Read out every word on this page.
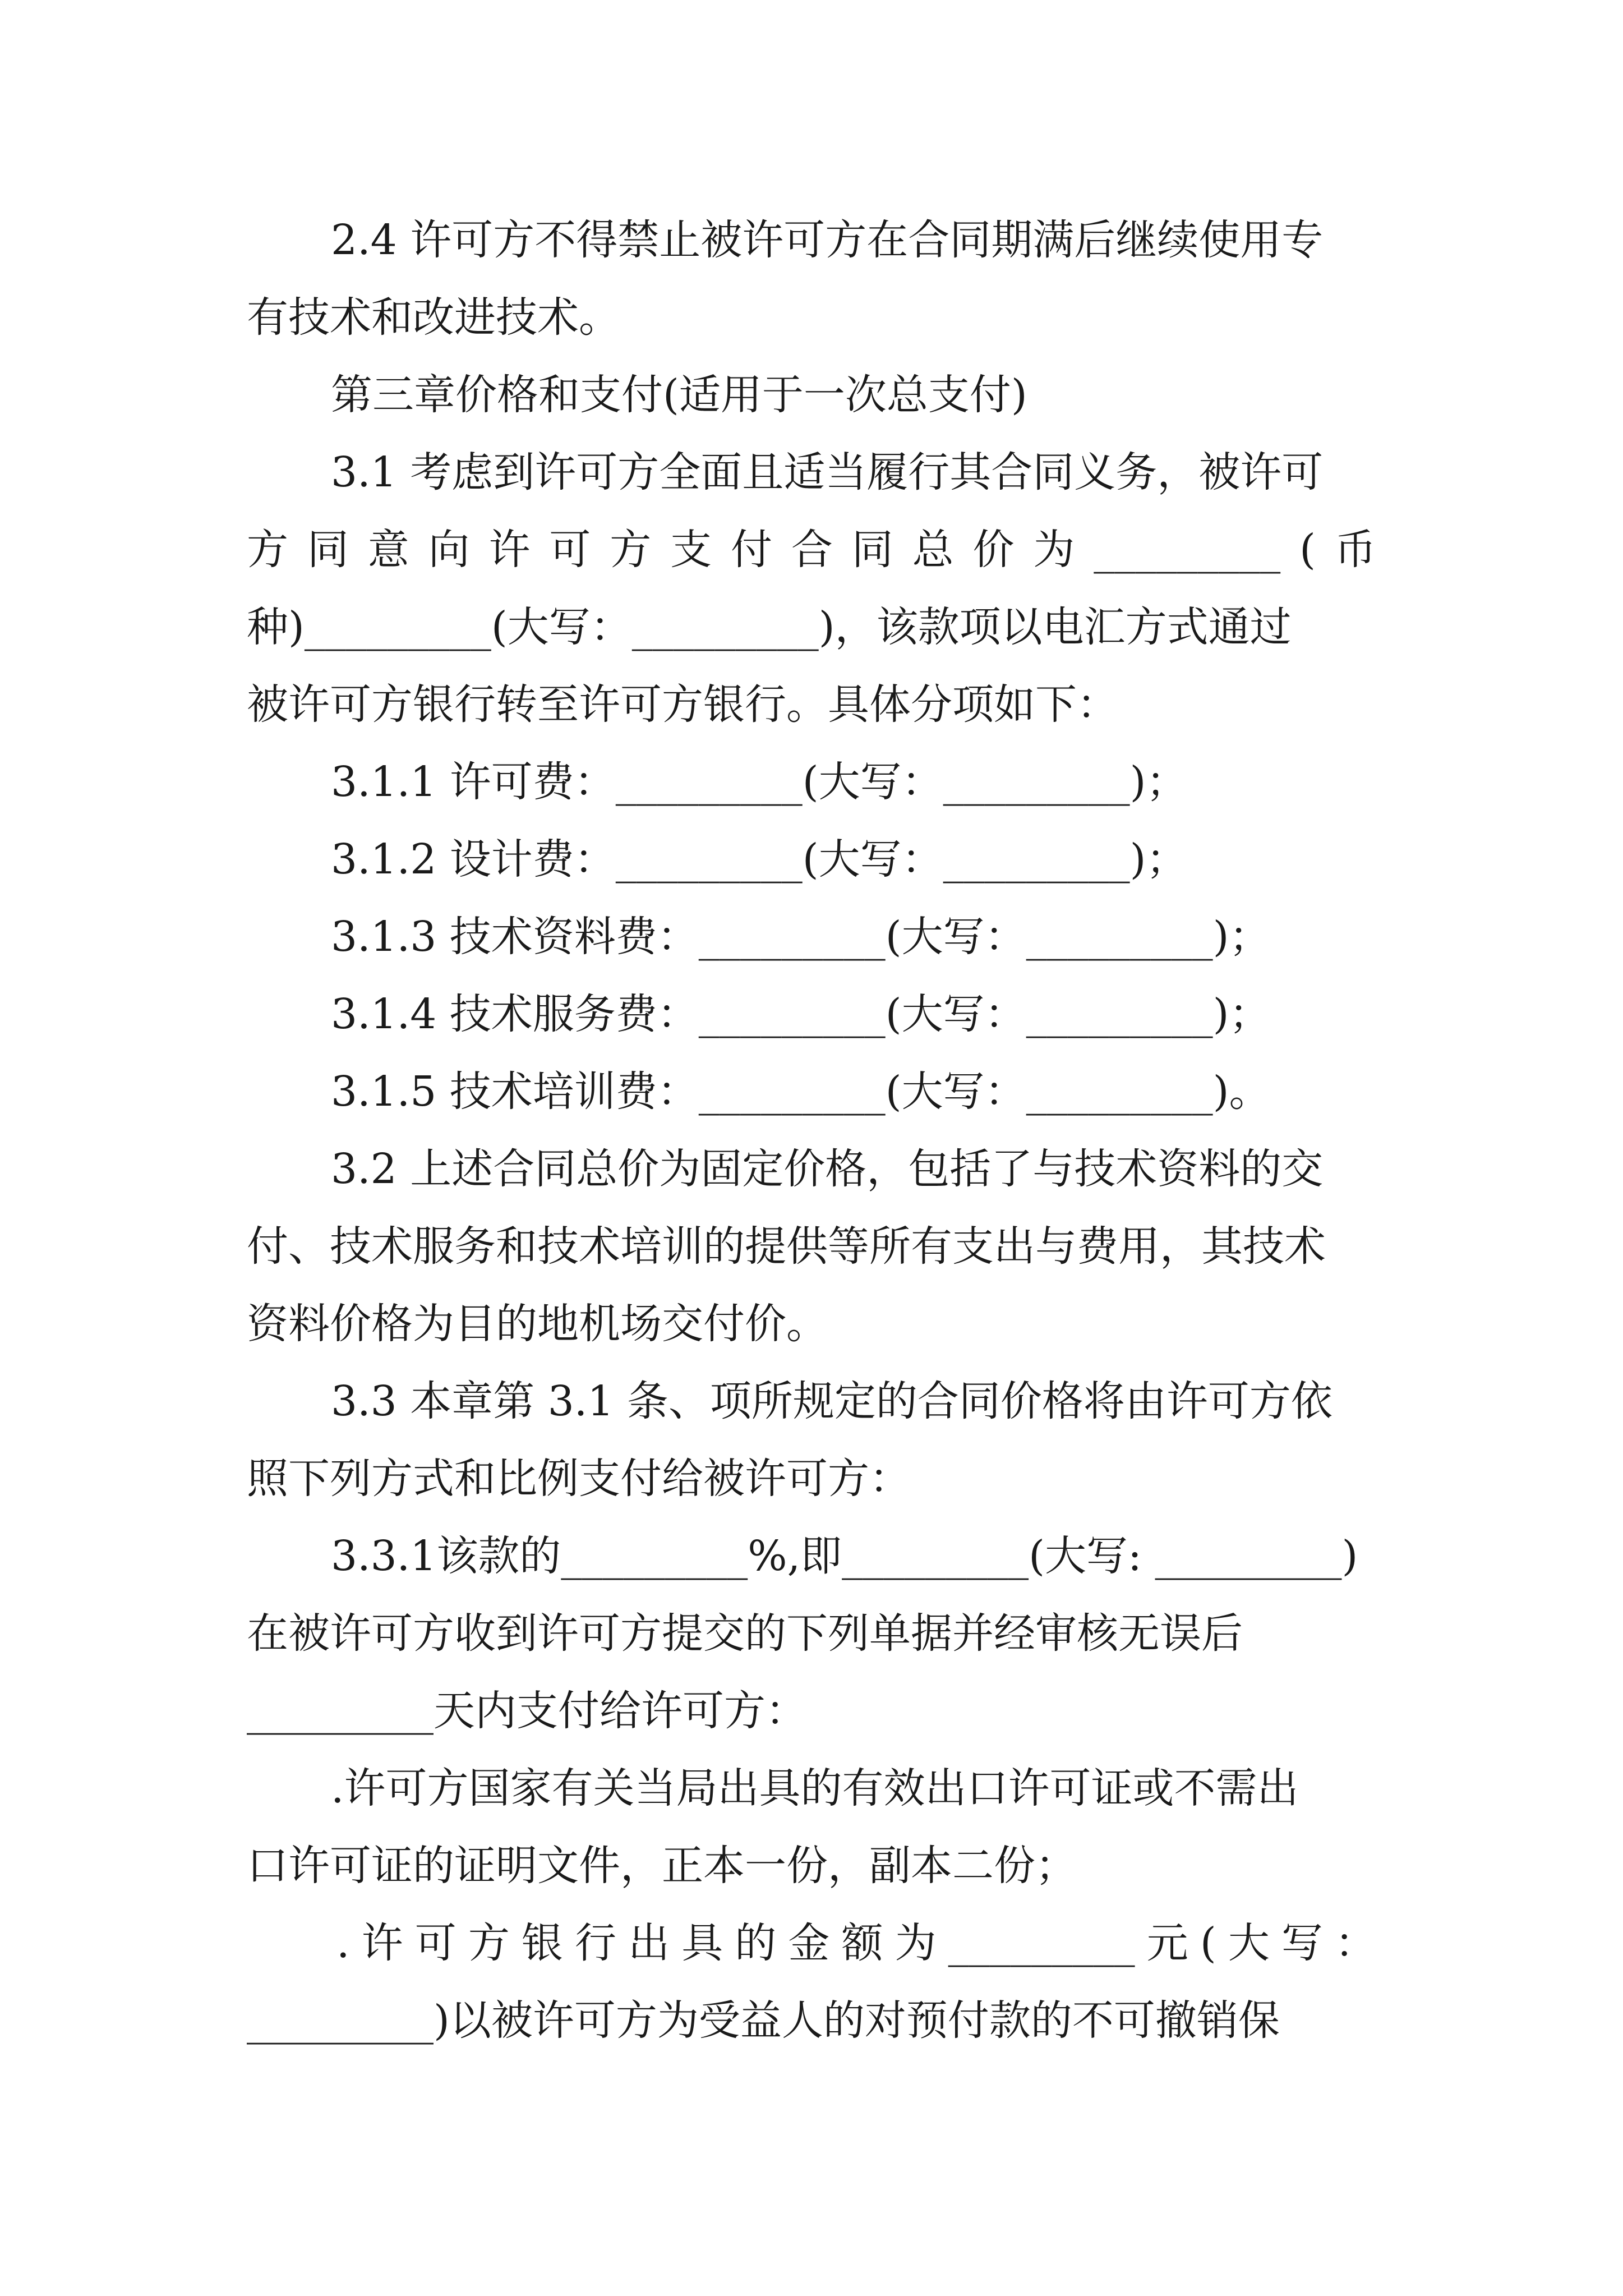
2.4 许可方不得禁止被许可方在合同期满后继续使用专
有技术和改进技术。
第三章价格和支付(适用于一次总支付)
3.1 考虑到许可方全面且适当履行其合同义务，被许可
方 同 意 向 许 可 方 支 付 合 同 总 价 为 _________ ( 币
种)_________(大写：_________)，该款项以电汇方式通过
被许可方银行转至许可方银行。具体分项如下：
3.1.1 许可费：_________(大写：_________)；
3.1.2 设计费：_________(大写：_________)；
3.1.3 技术资料费：_________(大写：_________)；
3.1.4 技术服务费：_________(大写：_________)；
3.1.5 技术培训费：_________(大写：_________)。
3.2 上述合同总价为固定价格，包括了与技术资料的交
付、技术服务和技术培训的提供等所有支出与费用，其技术
资料价格为目的地机场交付价。
3.3 本章第 3.1 条、项所规定的合同价格将由许可方依
照下列方式和比例支付给被许可方：
3.3.1该款的_________%,即_________(大写: _________)
在被许可方收到许可方提交的下列单据并经审核无误后
_________天内支付给许可方：
.许可方国家有关当局出具的有效出口许可证或不需出
口许可证的证明文件，正本一份，副本二份；
. 许 可 方 银 行 出 具 的 金 额 为 _________ 元 ( 大 写 ：
_________)以被许可方为受益人的对预付款的不可撤销保
